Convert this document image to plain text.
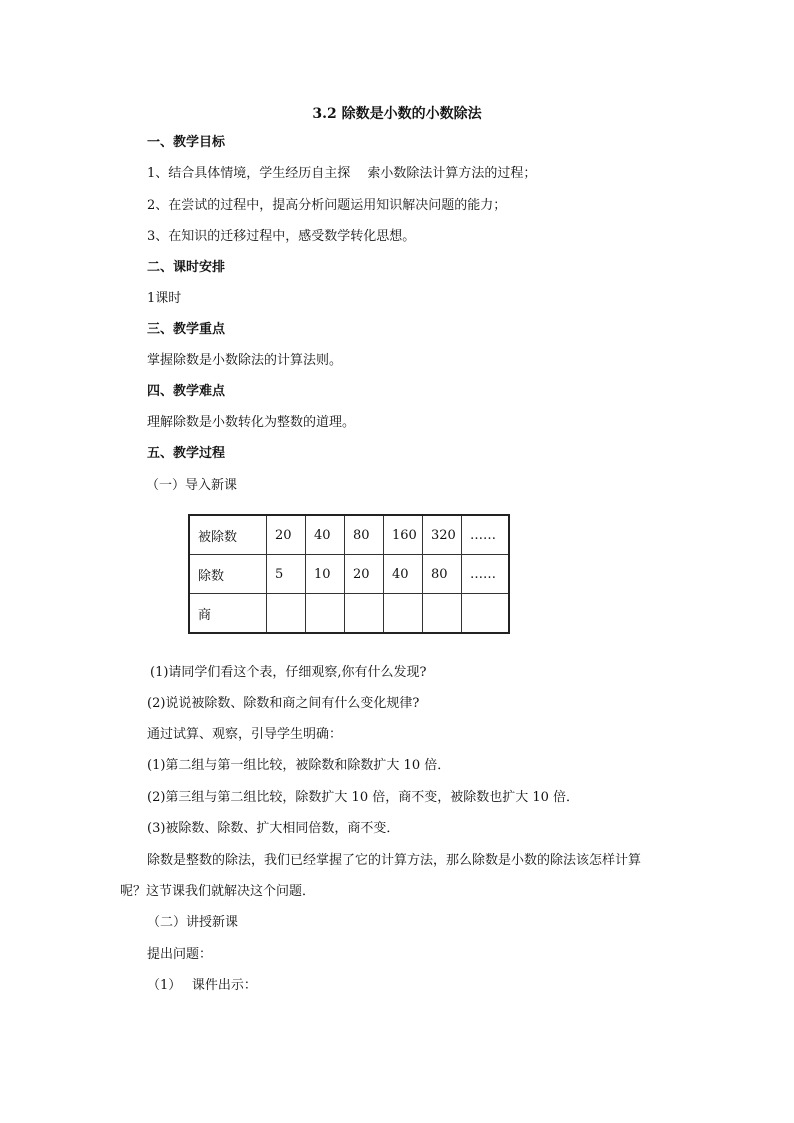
3.2 除数是小数的小数除法
一、教学目标
1、结合具体情境，学生经历自主探　 索小数除法计算方法的过程；
2、在尝试的过程中，提高分析问题运用知识解决问题的能力；
3、在知识的迁移过程中，感受数学转化思想。
二、课时安排
1课时
三、教学重点
掌握除数是小数除法的计算法则。
四、教学难点
理解除数是小数转化为整数的道理。
五、教学过程
（一）导入新课
被除数	20	40	80	160	320	……
除数	5	10	20	40	80	……
商						
(1)请同学们看这个表，仔细观察,你有什么发现?
(2)说说被除数、除数和商之间有什么变化规律?
通过试算、观察，引导学生明确：
(1)第二组与第一组比较，被除数和除数扩大 10 倍．
(2)第三组与第二组比较，除数扩大 10 倍，商不变，被除数也扩大 10 倍．
(3)被除数、除数、扩大相同倍数，商不变．
除数是整数的除法，我们已经掌握了它的计算方法，那么除数是小数的除法该怎样计算
呢？这节课我们就解决这个问题．
（二）讲授新课
提出问题：
（1）　 课件出示：
